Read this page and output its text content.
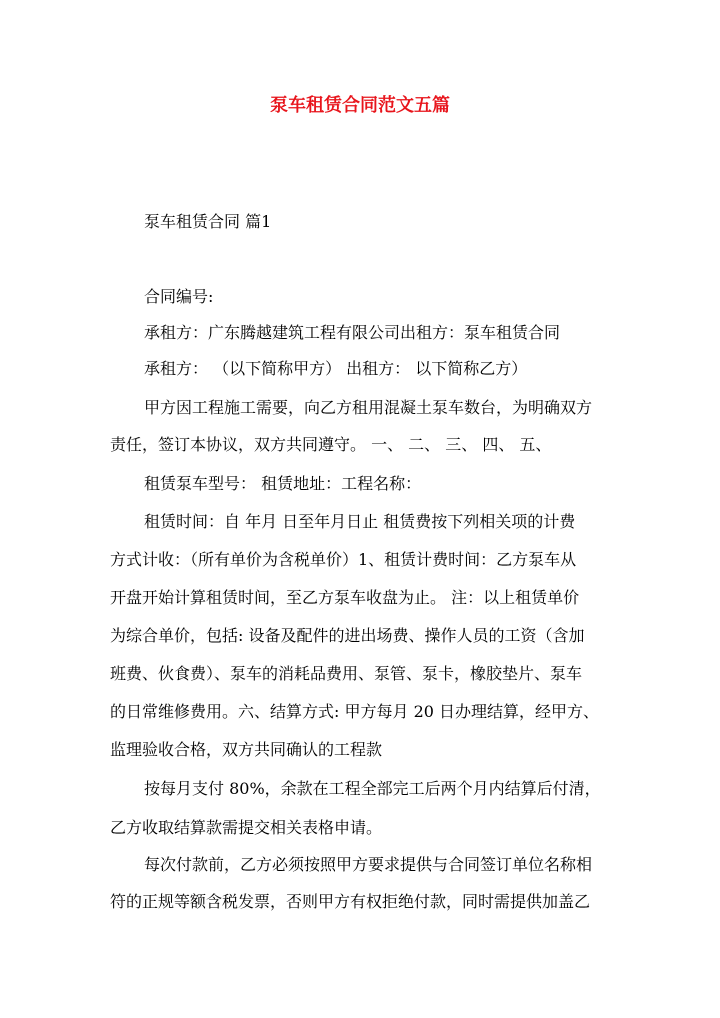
泵车租赁合同范文五篇
泵车租赁合同 篇1
合同编号:
承租方：广东腾越建筑工程有限公司出租方：泵车租赁合同
承租方： （以下简称甲方） 出租方： 以下简称乙方）
甲方因工程施工需要，向乙方租用混凝土泵车数台，为明确双方
责任，签订本协议，双方共同遵守。 一、 二、 三、 四、 五、
租赁泵车型号： 租赁地址：工程名称：
租赁时间：自 年月 日至年月日止 租赁费按下列相关项的计费
方式计收：（所有单价为含税单价）1、租赁计费时间：乙方泵车从
开盘开始计算租赁时间，至乙方泵车收盘为止。 注：以上租赁单价
为综合单价，包括: 设备及配件的进出场费、操作人员的工资（含加
班费、伙食费）、泵车的消耗品费用、泵管、泵卡，橡胶垫片、泵车
的日常维修费用。六、结算方式: 甲方每月 20 日办理结算，经甲方、
监理验收合格，双方共同确认的工程款
按每月支付 80%，余款在工程全部完工后两个月内结算后付清，
乙方收取结算款需提交相关表格申请。
每次付款前，乙方必须按照甲方要求提供与合同签订单位名称相
符的正规等额含税发票，否则甲方有权拒绝付款，同时需提供加盖乙
